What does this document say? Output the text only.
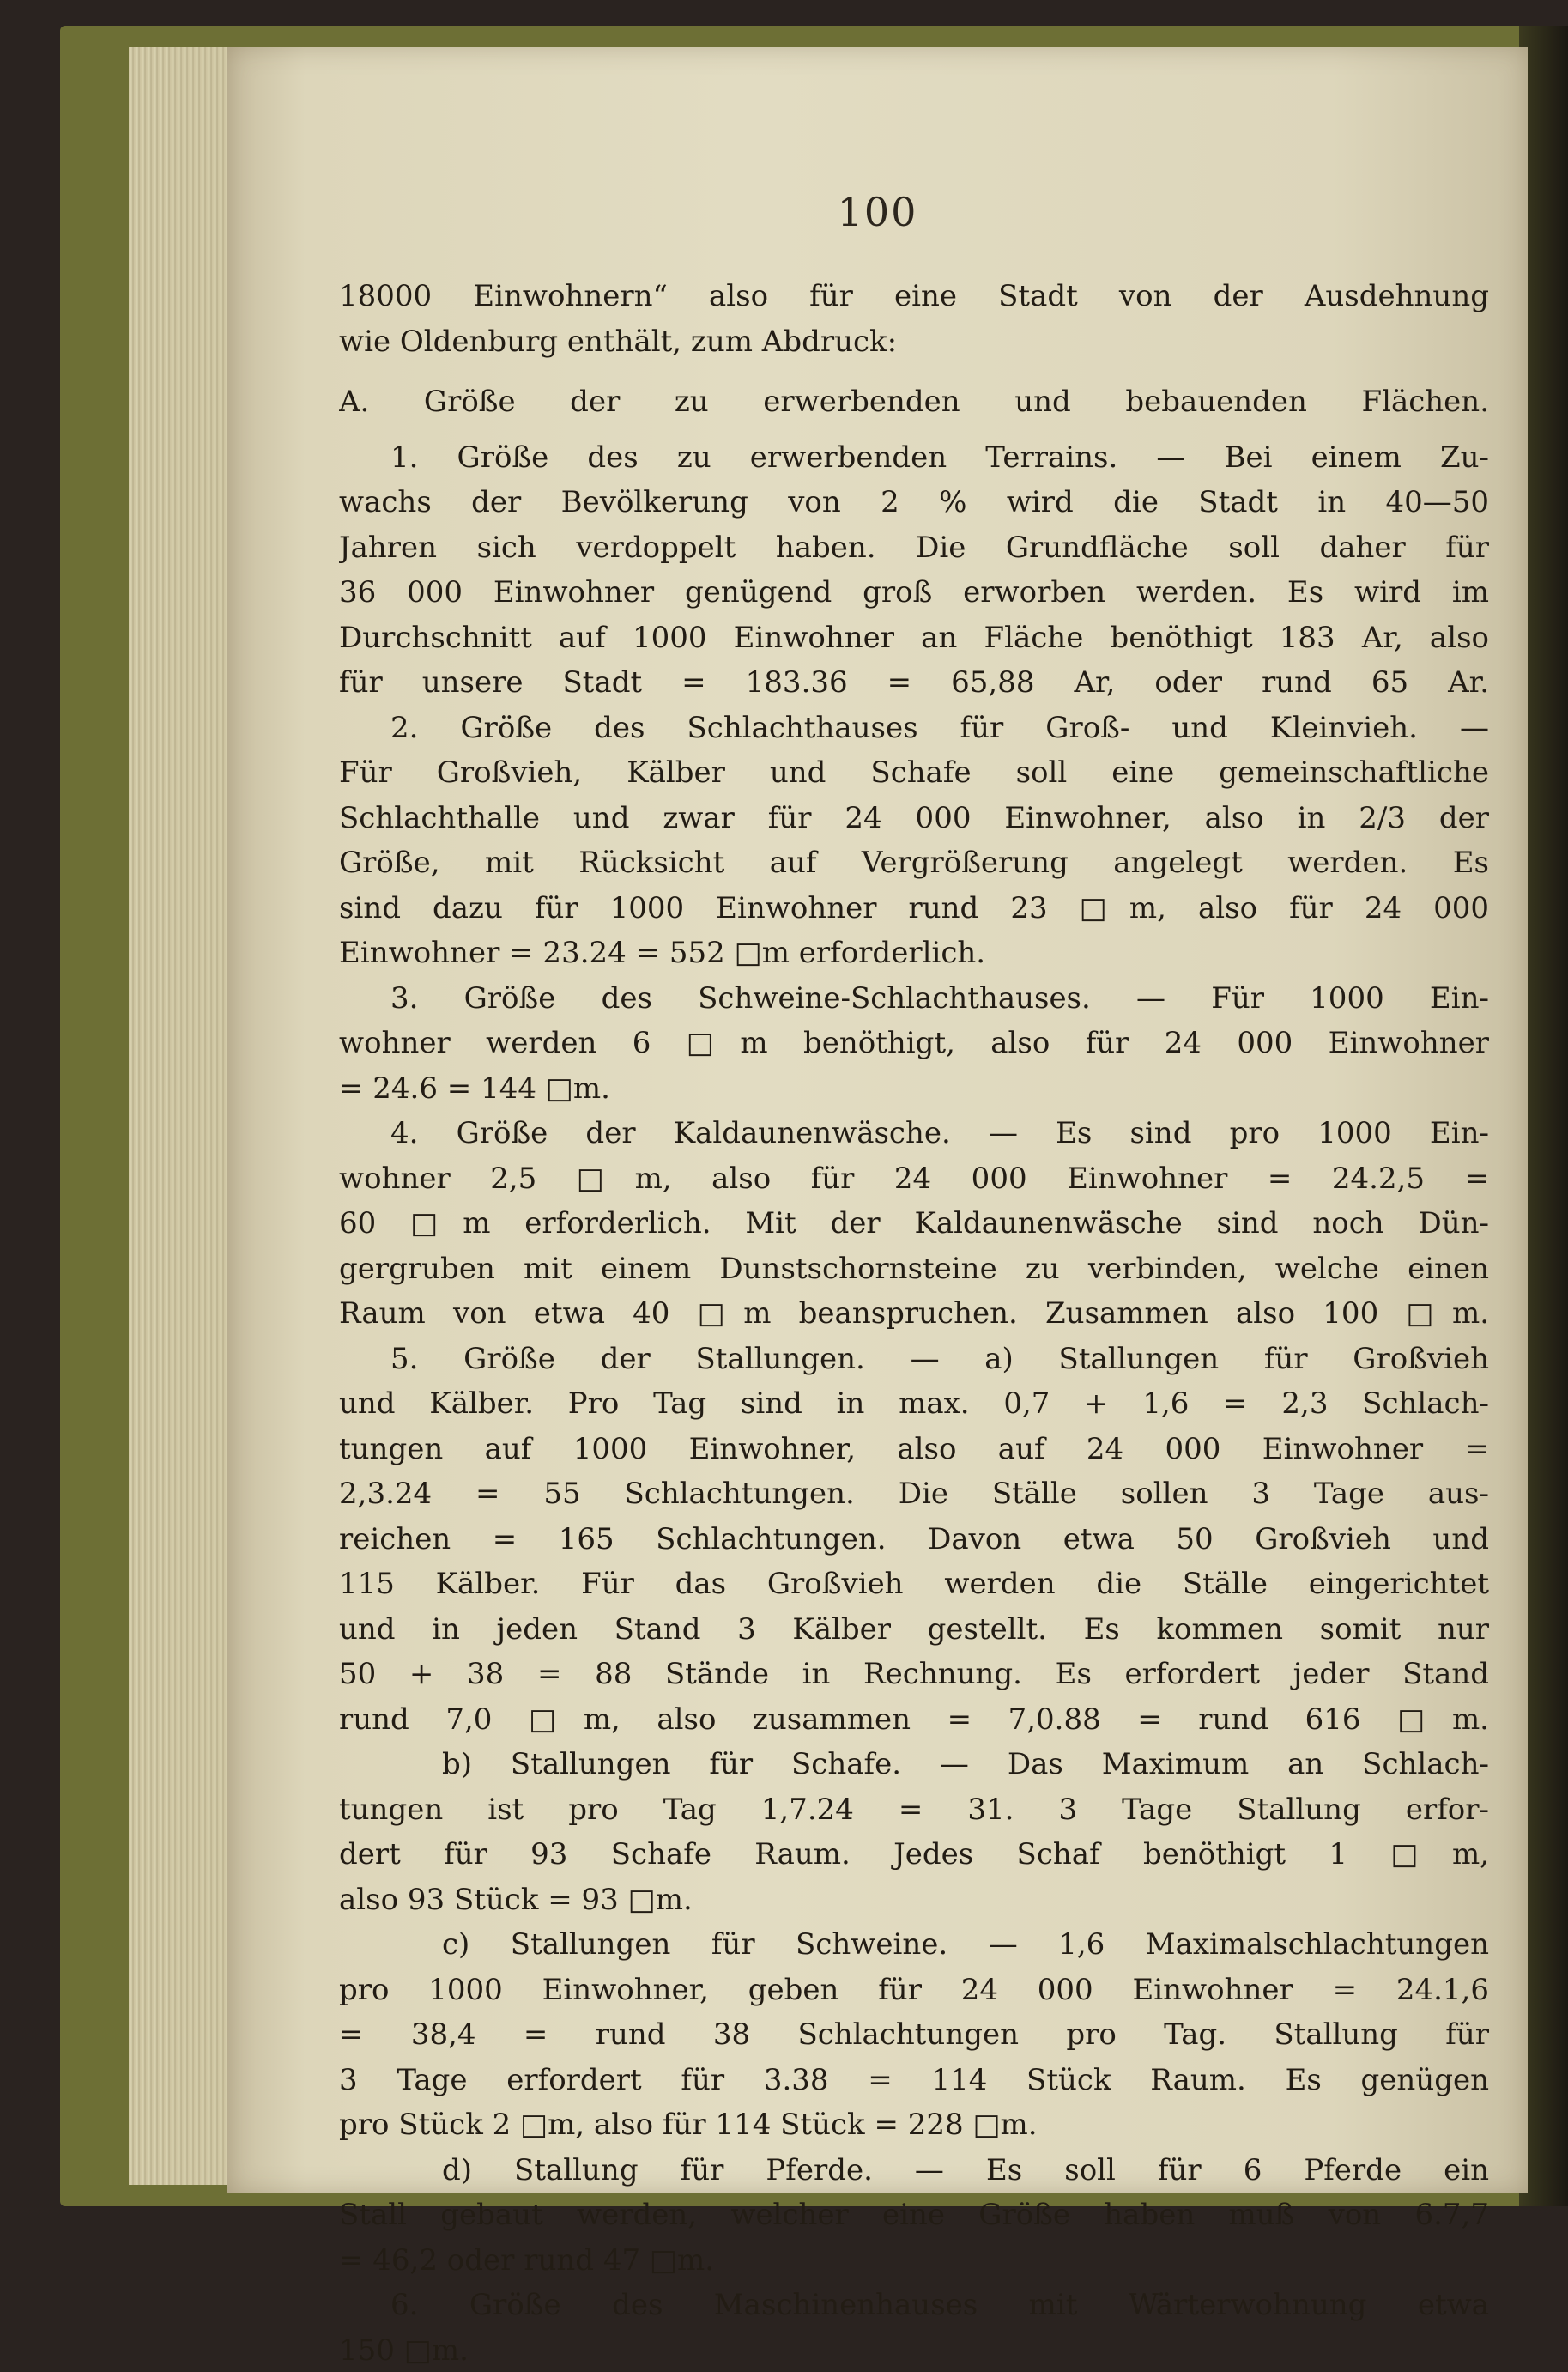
100
18000 Einwohnern“ also für eine Stadt von der Ausdehnung
wie Oldenburg enthält, zum Abdruck:
A. Größe der zu erwerbenden und bebauenden Flächen.
1. Größe des zu erwerbenden Terrains. — Bei einem Zu-
wachs der Bevölkerung von 2 % wird die Stadt in 40—50
Jahren sich verdoppelt haben. Die Grundfläche soll daher für
36 000 Einwohner genügend groß erworben werden. Es wird im
Durchschnitt auf 1000 Einwohner an Fläche benöthigt 183 Ar, also
für unsere Stadt = 183.36 = 65,88 Ar, oder rund 65 Ar.
2. Größe des Schlachthauses für Groß- und Kleinvieh. —
Für Großvieh, Kälber und Schafe soll eine gemeinschaftliche
Schlachthalle und zwar für 24 000 Einwohner, also in 2/3 der
Größe, mit Rücksicht auf Vergrößerung angelegt werden. Es
sind dazu für 1000 Einwohner rund 23 □m, also für 24 000
Einwohner = 23.24 = 552 □m erforderlich.
3. Größe des Schweine-Schlachthauses. — Für 1000 Ein-
wohner werden 6 □m benöthigt, also für 24 000 Einwohner
= 24.6 = 144 □m.
4. Größe der Kaldaunenwäsche. — Es sind pro 1000 Ein-
wohner 2,5 □m, also für 24 000 Einwohner = 24.2,5 =
60 □m erforderlich. Mit der Kaldaunenwäsche sind noch Dün-
gergruben mit einem Dunstschornsteine zu verbinden, welche einen
Raum von etwa 40 □m beanspruchen. Zusammen also 100 □m.
5. Größe der Stallungen. — a) Stallungen für Großvieh
und Kälber. Pro Tag sind in max. 0,7 + 1,6 = 2,3 Schlach-
tungen auf 1000 Einwohner, also auf 24 000 Einwohner =
2,3.24 = 55 Schlachtungen. Die Ställe sollen 3 Tage aus-
reichen = 165 Schlachtungen. Davon etwa 50 Großvieh und
115 Kälber. Für das Großvieh werden die Ställe eingerichtet
und in jeden Stand 3 Kälber gestellt. Es kommen somit nur
50 + 38 = 88 Stände in Rechnung. Es erfordert jeder Stand
rund 7,0 □m, also zusammen = 7,0.88 = rund 616 □m.
b) Stallungen für Schafe. — Das Maximum an Schlach-
tungen ist pro Tag 1,7.24 = 31. 3 Tage Stallung erfor-
dert für 93 Schafe Raum. Jedes Schaf benöthigt 1 □m,
also 93 Stück = 93 □m.
c) Stallungen für Schweine. — 1,6 Maximalschlachtungen
pro 1000 Einwohner, geben für 24 000 Einwohner = 24.1,6
= 38,4 = rund 38 Schlachtungen pro Tag. Stallung für
3 Tage erfordert für 3.38 = 114 Stück Raum. Es genügen
pro Stück 2 □m, also für 114 Stück = 228 □m.
d) Stallung für Pferde. — Es soll für 6 Pferde ein
Stall gebaut werden, welcher eine Größe haben muß von 6.7,7
= 46,2 oder rund 47 □m.
6. Größe des Maschinenhauses mit Wärterwohnung etwa
150 □m.
